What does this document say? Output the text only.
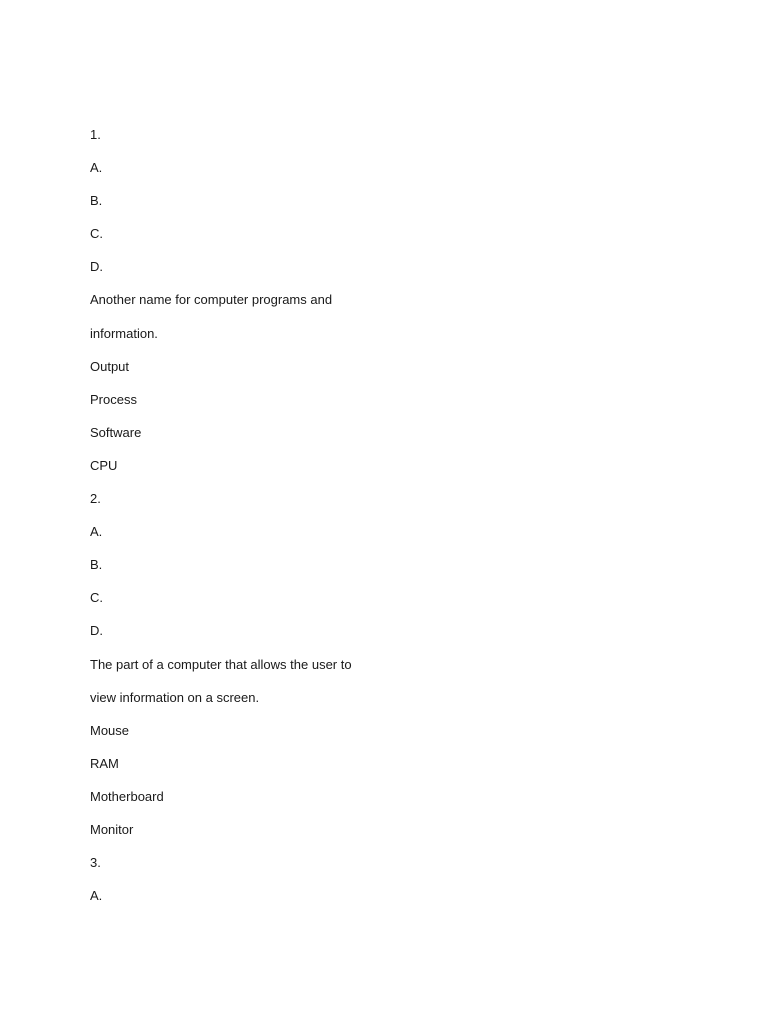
1.
A.
B.
C.
D.
Another name for computer programs and
information.
Output
Process
Software
CPU
2.
A.
B.
C.
D.
The part of a computer that allows the user to
view information on a screen.
Mouse
RAM
Motherboard
Monitor
3.
A.
